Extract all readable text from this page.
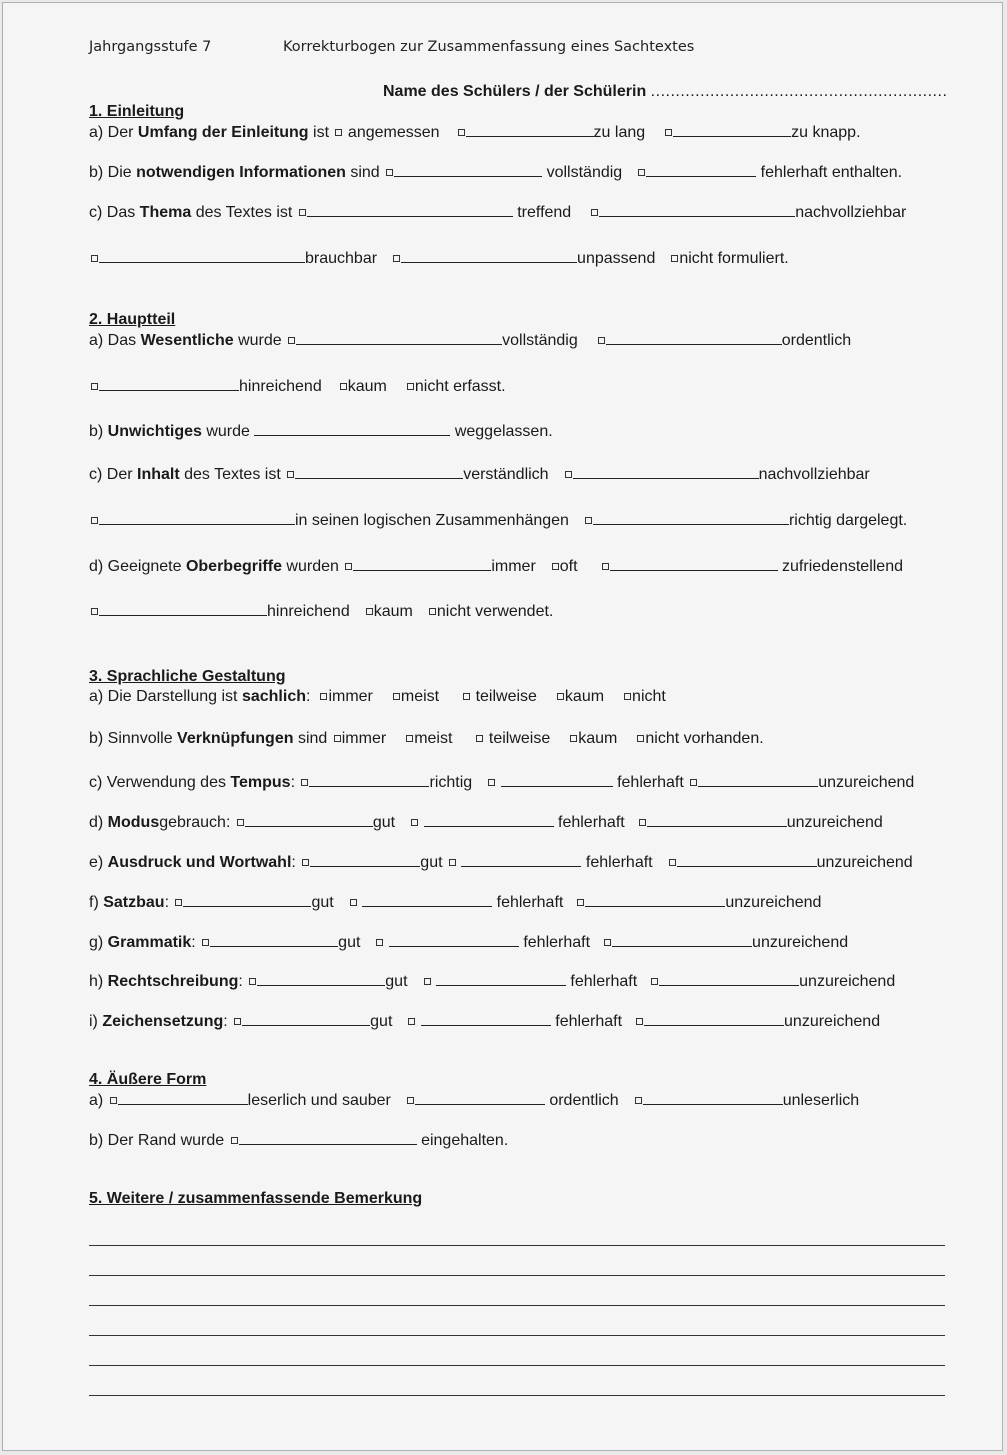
Jahrgangsstufe 7	Korrekturbogen zur Zusammenfassung eines Sachtextes
Name des Schülers / der Schülerin ............................................................
1. Einleitung
a) Der Umfang der Einleitung ist  angemessen	zu lang	zu knapp.
b) Die notwendigen Informationen sind	vollständig	fehlerhaft enthalten.
c) Das Thema des Textes ist	treffend	nachvollziehbar
brauchbar	unpassend nicht formuliert.
2. Hauptteil
a) Das Wesentliche wurde	vollständig	ordentlich
hinreichend kaum nicht erfasst.
b) Unwichtiges wurde	weggelassen.
c) Der Inhalt des Textes ist	verständlich	nachvollziehbar
in seinen logischen Zusammenhängen	richtig dargelegt.
d) Geeignete Oberbegriffe wurden	immer oft	zufriedenstellend
hinreichend kaum nicht verwendet.
3. Sprachliche Gestaltung
a) Die Darstellung ist sachlich: immer meist teilweise kaum nicht
b) Sinnvolle Verknüpfungen sind immer meist teilweise kaum nicht vorhanden.
c) Verwendung des Tempus:	richtig	fehlerhaft	unzureichend
d) Modusgebrauch:	gut	fehlerhaft	unzureichend
e) Ausdruck und Wortwahl:	gut	fehlerhaft	unzureichend
f) Satzbau:	gut	fehlerhaft	unzureichend
g) Grammatik:	gut	fehlerhaft	unzureichend
h) Rechtschreibung:	gut	fehlerhaft	unzureichend
i) Zeichensetzung:	gut	fehlerhaft	unzureichend
4. Äußere Form
a)	leserlich und sauber	ordentlich	unleserlich
b) Der Rand wurde	eingehalten.
5. Weitere / zusammenfassende Bemerkung
